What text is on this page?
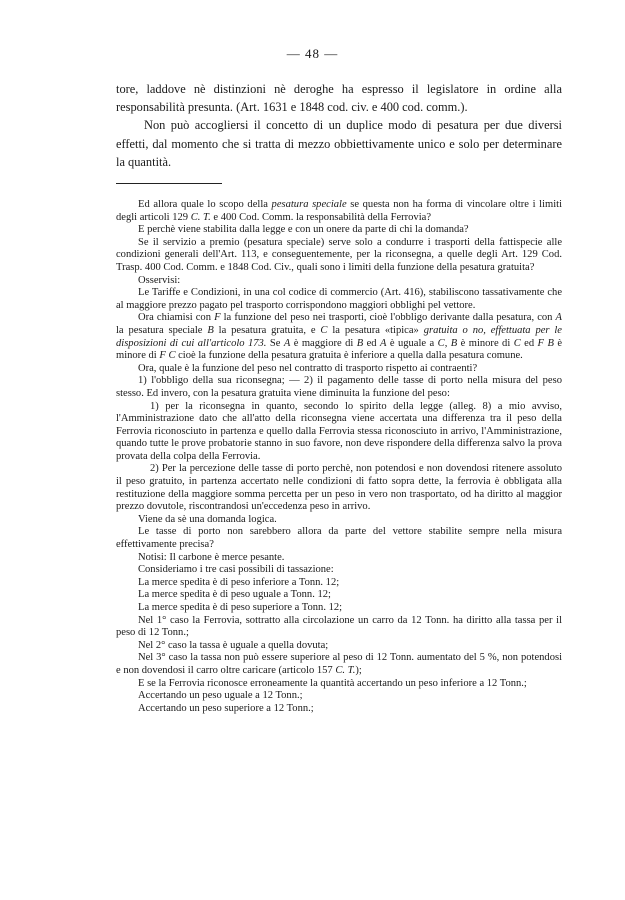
— 48 —

tore, laddove nè distinzioni nè deroghe ha espresso il legislatore in ordine alla responsabilità presunta. (Art. 1631 e 1848 cod. civ. e 400 cod. comm.).

Non può accogliersi il concetto di un duplice modo di pesatura per due diversi effetti, dal momento che si tratta di mezzo obbiettivamente unico e solo per determinare la quantità.

Ed allora quale lo scopo della pesatura speciale se questa non ha forma di vincolare oltre i limiti degli articoli 129 C. T. e 400 Cod. Comm. la responsabilità della Ferrovia?

E perchè viene stabilita dalla legge e con un onere da parte di chi la domanda?

Se il servizio a premio (pesatura speciale) serve solo a condurre i trasporti della fattispecie alle condizioni generali dell'Art. 113, e conseguentemente, per la riconsegna, a quelle degli Art. 129 Cod. Trasp. 400 Cod. Comm. e 1848 Cod. Civ., quali sono i limiti della funzione della pesatura gratuita?

Osservisi:

Le Tariffe e Condizioni, in una col codice di commercio (Art. 416), stabiliscono tassativamente che al maggiore prezzo pagato pel trasporto corrispondono maggiori obblighi pel vettore.

Ora chiamisi con F la funzione del peso nei trasporti, cioè l'obbligo derivante dalla pesatura, con A la pesatura speciale B la pesatura gratuita, e C la pesatura «tipica» gratuita o no, effettuata per le disposizioni di cui all'articolo 173. Se A è maggiore di B ed A è uguale a C, B è minore di C ed F B è minore di F C cioè la funzione della pesatura gratuita è inferiore a quella dalla pesatura comune.

Ora, quale è la funzione del peso nel contratto di trasporto rispetto ai contraenti?

1) l'obbligo della sua riconsegna; — 2) il pagamento delle tasse di porto nella misura del peso stesso. Ed invero, con la pesatura gratuita viene diminuita la funzione del peso:

1) per la riconsegna in quanto, secondo lo spirito della legge (alleg. 8) a mio avviso, l'Amministrazione dato che all'atto della riconsegna viene accertata una differenza tra il peso della Ferrovia riconosciuto in partenza e quello dalla Ferrovia stessa riconosciuto in arrivo, l'Amministrazione, quando tutte le prove probatorie stanno in suo favore, non deve rispondere della differenza salvo la prova provata della colpa della Ferrovia.

2) Per la percezione delle tasse di porto perchè, non potendosi e non dovendosi ritenere assoluto il peso gratuito, in partenza accertato nelle condizioni di fatto sopra dette, la ferrovia è obbligata alla restituzione della maggiore somma percetta per un peso in vero non trasportato, od ha diritto al maggior prezzo dovutole, riscontrandosi un'eccedenza peso in arrivo.

Viene da sè una domanda logica.

Le tasse di porto non sarebbero allora da parte del vettore stabilite sempre nella misura effettivamente precisa?

Notisi: Il carbone è merce pesante.

Consideriamo i tre casi possibili di tassazione:

La merce spedita è di peso inferiore a Tonn. 12;

La merce spedita è di peso uguale a Tonn. 12;

La merce spedita è di peso superiore a Tonn. 12;

Nel 1° caso la Ferrovia, sottratto alla circolazione un carro da 12 Tonn. ha diritto alla tassa per il peso di 12 Tonn.;

Nel 2° caso la tassa è uguale a quella dovuta;

Nel 3° caso la tassa non può essere superiore al peso di 12 Tonn. aumentato del 5 %, non potendosi e non dovendosi il carro oltre caricare (articolo 157 C. T.);

E se la Ferrovia riconosce erroneamente la quantità accertando un peso inferiore a 12 Tonn.;

Accertando un peso uguale a 12 Tonn.;

Accertando un peso superiore a 12 Tonn.;
